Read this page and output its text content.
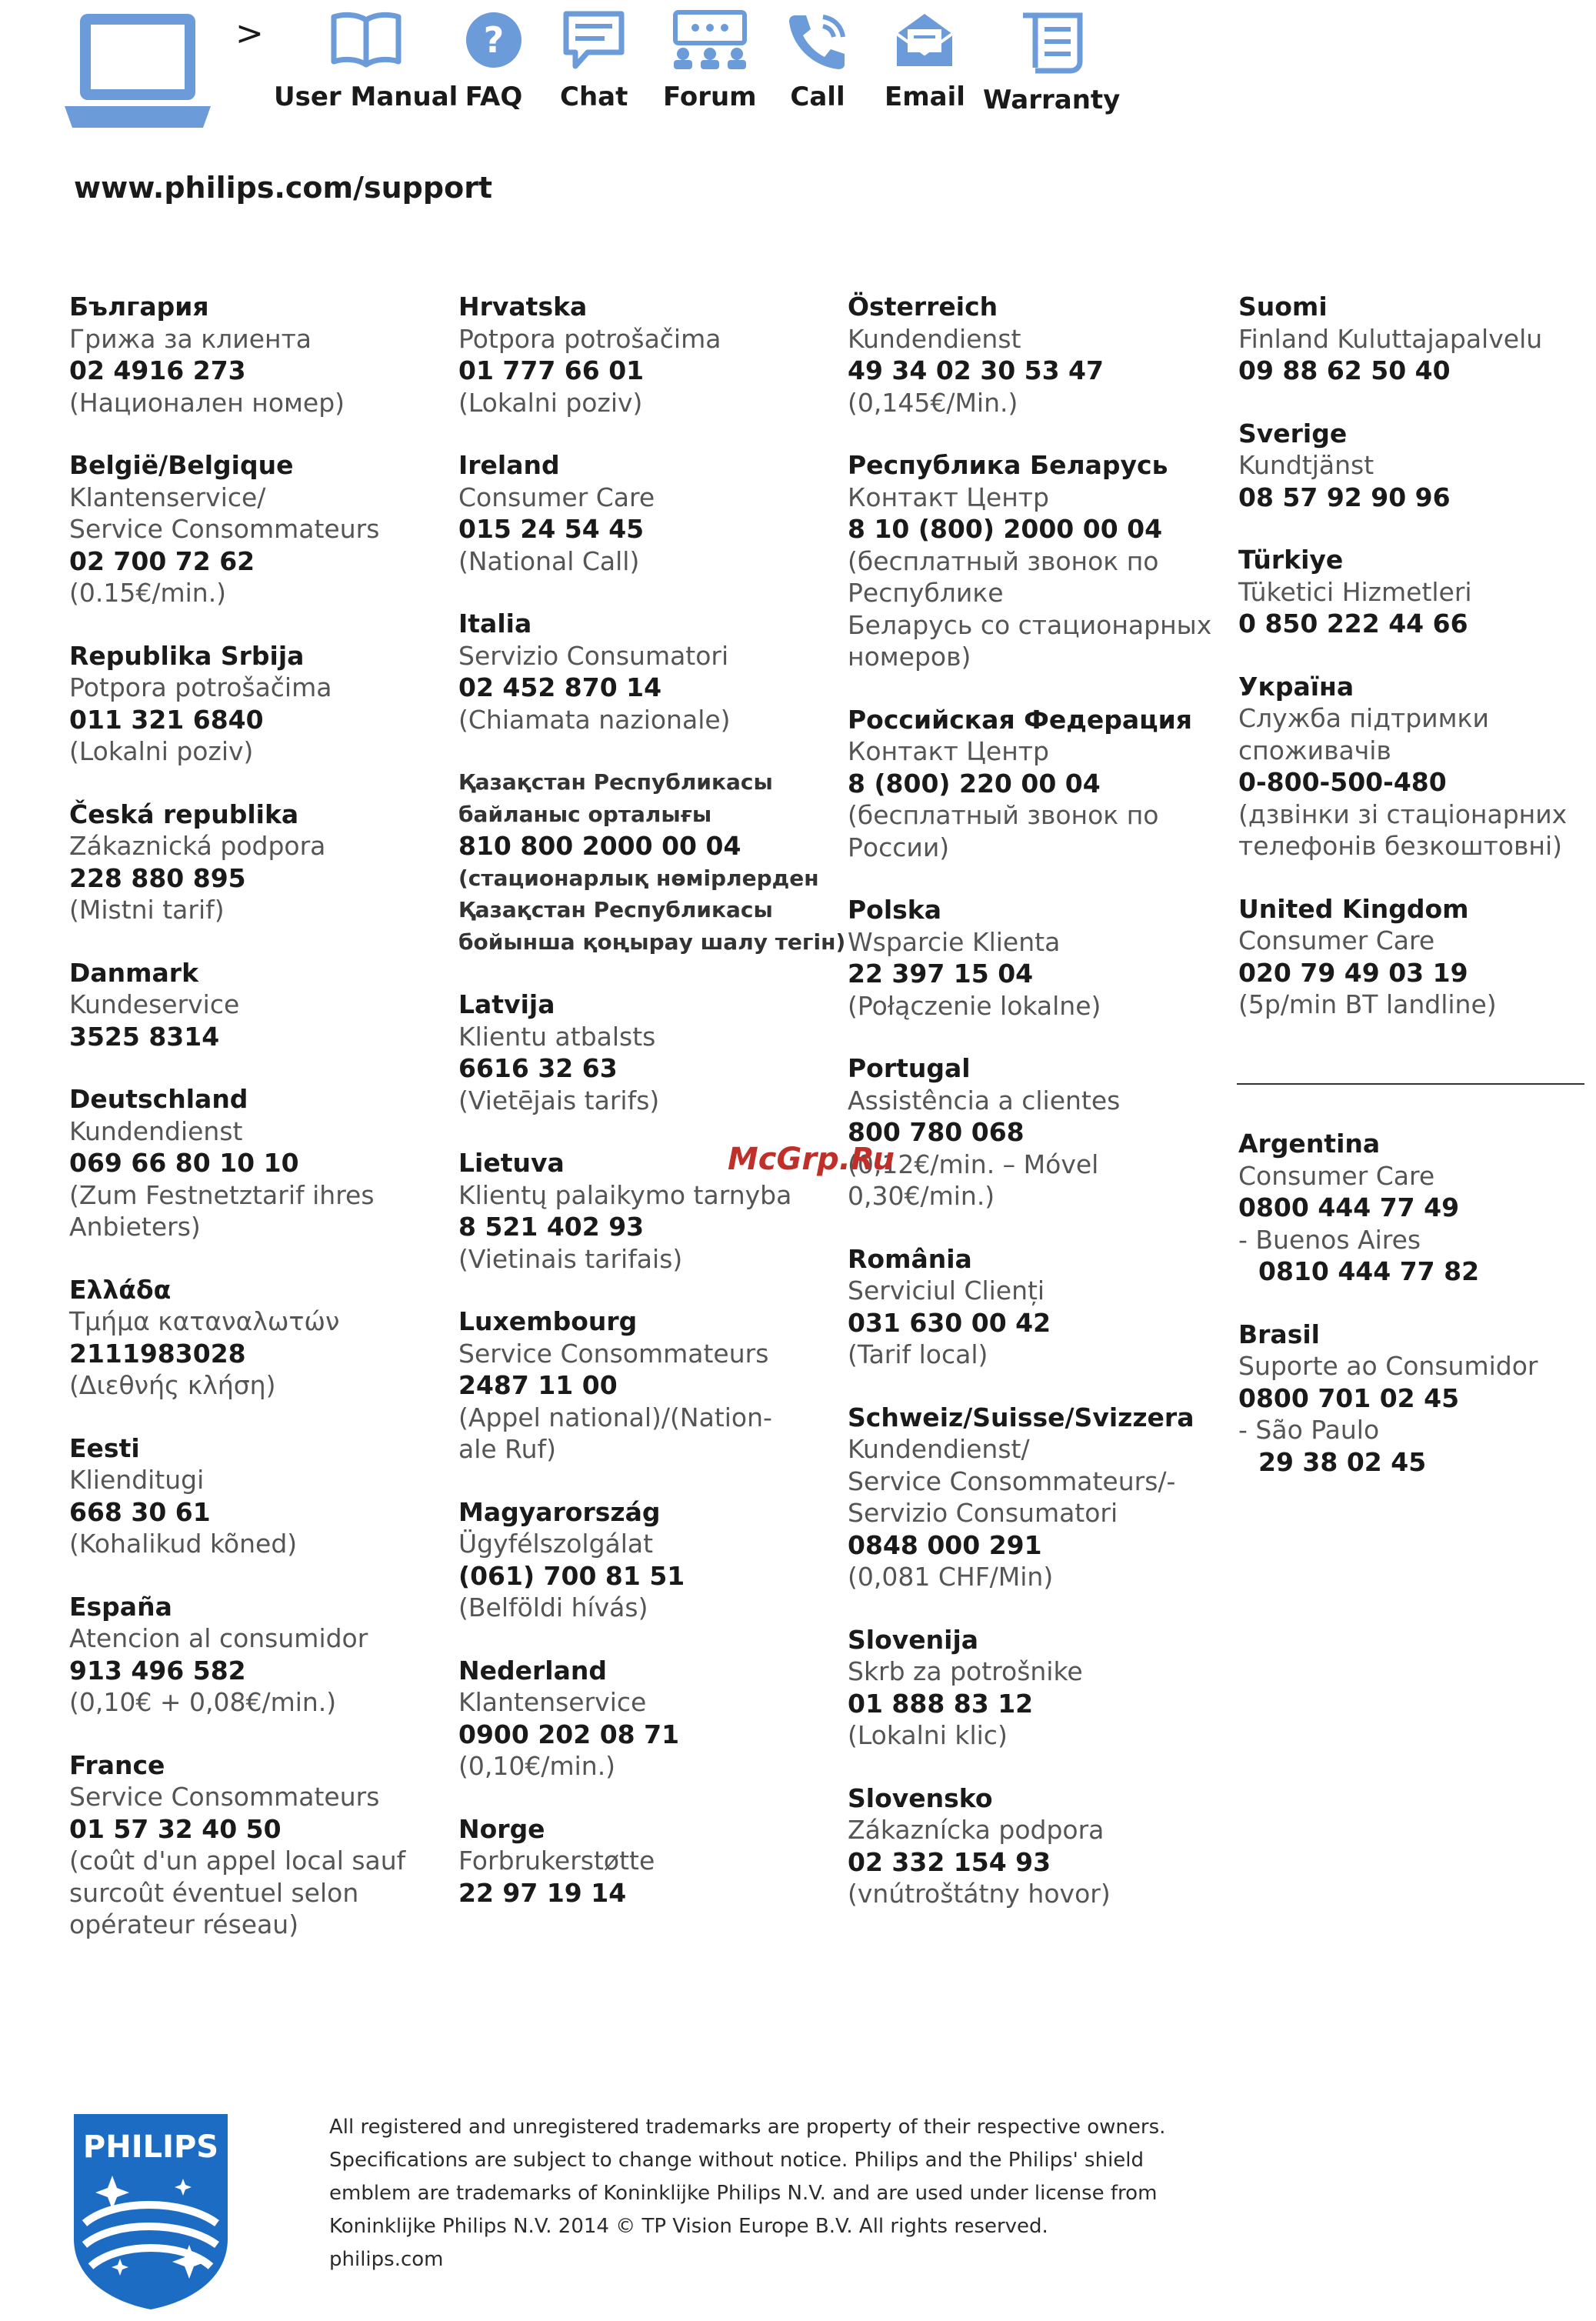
>
User Manual
?
FAQ Chat Forum Call Email Warranty
www.philips.com/support
България
Грижа за клиента
02 4916 273
(Национален номер)
België/Belgique
Klantenservice/
Service Consommateurs
02 700 72 62
(0.15€/min.)
Republika Srbija
Potpora potrošačima
011 321 6840
(Lokalni poziv)
Česká republika
Zákaznická podpora
228 880 895
(Mistni tarif)
Danmark
Kundeservice
3525 8314
Deutschland
Kundendienst
069 66 80 10 10
(Zum Festnetztarif ihres
Anbieters)
Ελλάδα
Τμήμα καταναλωτών
2111983028
(Διεθνής κλήση)
Eesti
Klienditugi
668 30 61
(Kohalikud kõned)
España
Atencion al consumidor
913 496 582
(0,10€ + 0,08€/min.)
France
Service Consommateurs
01 57 32 40 50
(coût d'un appel local sauf
surcoût éventuel selon
opérateur réseau)
Hrvatska
Potpora potrošačima
01 777 66 01
(Lokalni poziv)
Ireland
Consumer Care
015 24 54 45
(National Call)
Italia
Servizio Consumatori
02 452 870 14
(Chiamata nazionale)
Қазақстан Республикасы
байланыс орталығы
810 800 2000 00 04
(стационарлық нөмірлерден
Қазақстан Республикасы
бойынша қоңырау шалу тегін)
Latvija
Klientu atbalsts
6616 32 63
(Vietējais tarifs)
Lietuva
Klientų palaikymo tarnyba
8 521 402 93
(Vietinais tarifais)
Luxembourg
Service Consommateurs
2487 11 00
(Appel national)/(Nation-
ale Ruf)
Magyarország
Ügyfélszolgálat
(061) 700 81 51
(Belföldi hívás)
Nederland
Klantenservice
0900 202 08 71
(0,10€/min.)
Norge
Forbrukerstøtte
22 97 19 14
Österreich
Kundendienst
49 34 02 30 53 47
(0,145€/Min.)
Республика Беларусь
Контакт Центр
8 10 (800) 2000 00 04
(бесплатный звонок по
Республике
Беларусь со стационарных
номеров)
Российская Федерация
Контакт Центр
8 (800) 220 00 04
(бесплатный звонок по
России)
Polska
Wsparcie Klienta
22 397 15 04
(Połączenie lokalne)
Portugal
Assistência a clientes
800 780 068
(0,12€/min. – Móvel
0,30€/min.)
România
Serviciul Clienți
031 630 00 42
(Tarif local)
Schweiz/Suisse/Svizzera
Kundendienst/
Service Consommateurs/-
Servizio Consumatori
0848 000 291
(0,081 CHF/Min)
Slovenija
Skrb za potrošnike
01 888 83 12
(Lokalni klic)
Slovensko
Zákaznícka podpora
02 332 154 93
(vnútroštátny hovor)
Suomi
Finland Kuluttajapalvelu
09 88 62 50 40
Sverige
Kundtjänst
08 57 92 90 96
Türkiye
Tüketici Hizmetleri
0 850 222 44 66
Україна
Служба підтримки
споживачів
0-800-500-480
(дзвінки зі стаціонарних
телефонів безкоштовні)
United Kingdom
Consumer Care
020 79 49 03 19
(5p/min BT landline)
Argentina
Consumer Care
0800 444 77 49
- Buenos Aires
0810 444 77 82
Brasil
Suporte ao Consumidor
0800 701 02 45
- São Paulo
29 38 02 45
McGrp.Ru
PHILIPS
All registered and unregistered trademarks are property of their respective owners.
Specifications are subject to change without notice. Philips and the Philips' shield
emblem are trademarks of Koninklijke Philips N.V. and are used under license from
Koninklijke Philips N.V. 2014 © TP Vision Europe B.V. All rights reserved.
philips.com
